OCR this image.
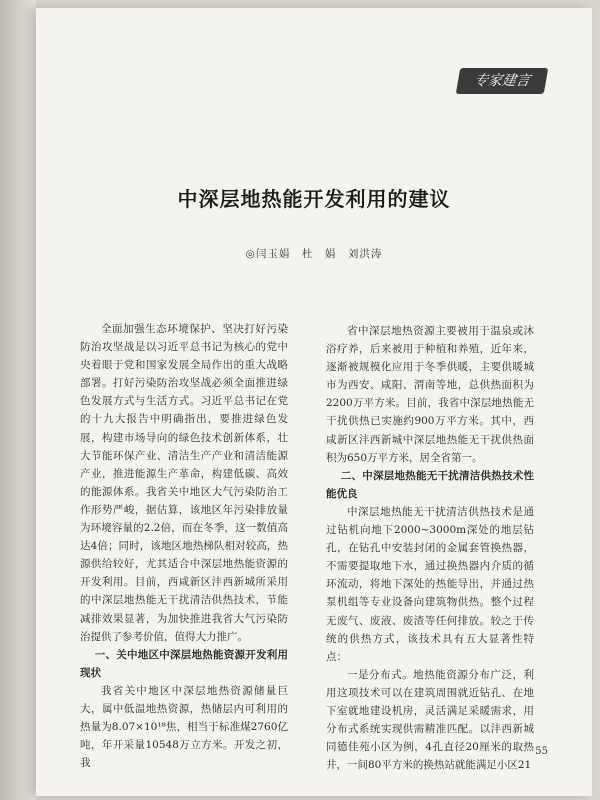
专家建言
中深层地热能开发利用的建议
◎闫玉娟　杜　娟　刘洪涛

全面加强生态环境保护、坚决打好污染防治攻坚战是以习近平总书记为核心的党中央着眼于党和国家发展全局作出的重大战略部署。打好污染防治攻坚战必须全面推进绿色发展方式与生活方式。习近平总书记在党的十九大报告中明确指出，要推进绿色发展，构建市场导向的绿色技术创新体系，壮大节能环保产业、清洁生产产业和清洁能源产业，推进能源生产革命，构建低碳、高效的能源体系。我省关中地区大气污染防治工作形势严峻，据估算，该地区年污染排放量为环境容量的2.2倍，而在冬季，这一数值高达4倍；同时，该地区地热梯队相对较高，热源供给较好，尤其适合中深层地热能资源的开发利用。目前，西咸新区沣西新城所采用的中深层地热能无干扰清洁供热技术，节能减排效果显著，为加快推进我省大气污染防治提供了参考价值，值得大力推广。

一、关中地区中深层地热能资源开发利用现状

我省关中地区中深层地热资源储量巨大，属中低温地热资源，热储层内可利用的热量为8.07×10¹⁸焦，相当于标准煤2760亿吨，年开采量10548万立方米。开发之初，我

省中深层地热资源主要被用于温泉或沐浴疗养，后来被用于种植和养殖，近年来，逐渐被规模化应用于冬季供暖，主要供暖城市为西安、咸阳、渭南等地，总供热面积为2200万平方米。目前，我省中深层地热能无干扰供热已实施约900万平方米。其中，西咸新区沣西新城中深层地热能无干扰供热面积为650万平方米，居全省第一。

二、中深层地热能无干扰清洁供热技术性能优良

中深层地热能无干扰清洁供热技术是通过钻机向地下2000~3000m深处的地层钻孔，在钻孔中安装封闭的金属套管换热器，不需要提取地下水，通过换热器内介质的循环流动，将地下深处的热能导出，并通过热泵机组等专业设备向建筑物供热。整个过程无废气、废液、废渣等任何排放。较之于传统的供热方式，该技术具有五大显著性特点：

一是分布式。地热能资源分布广泛，利用这项技术可以在建筑周围就近钻孔、在地下室就地建设机房，灵活满足采暖需求，用分布式系统实现供需精准匹配。以沣西新城同德佳苑小区为例，4孔直径20厘米的取热井，一间80平方米的换热站就能满足小区21

55
